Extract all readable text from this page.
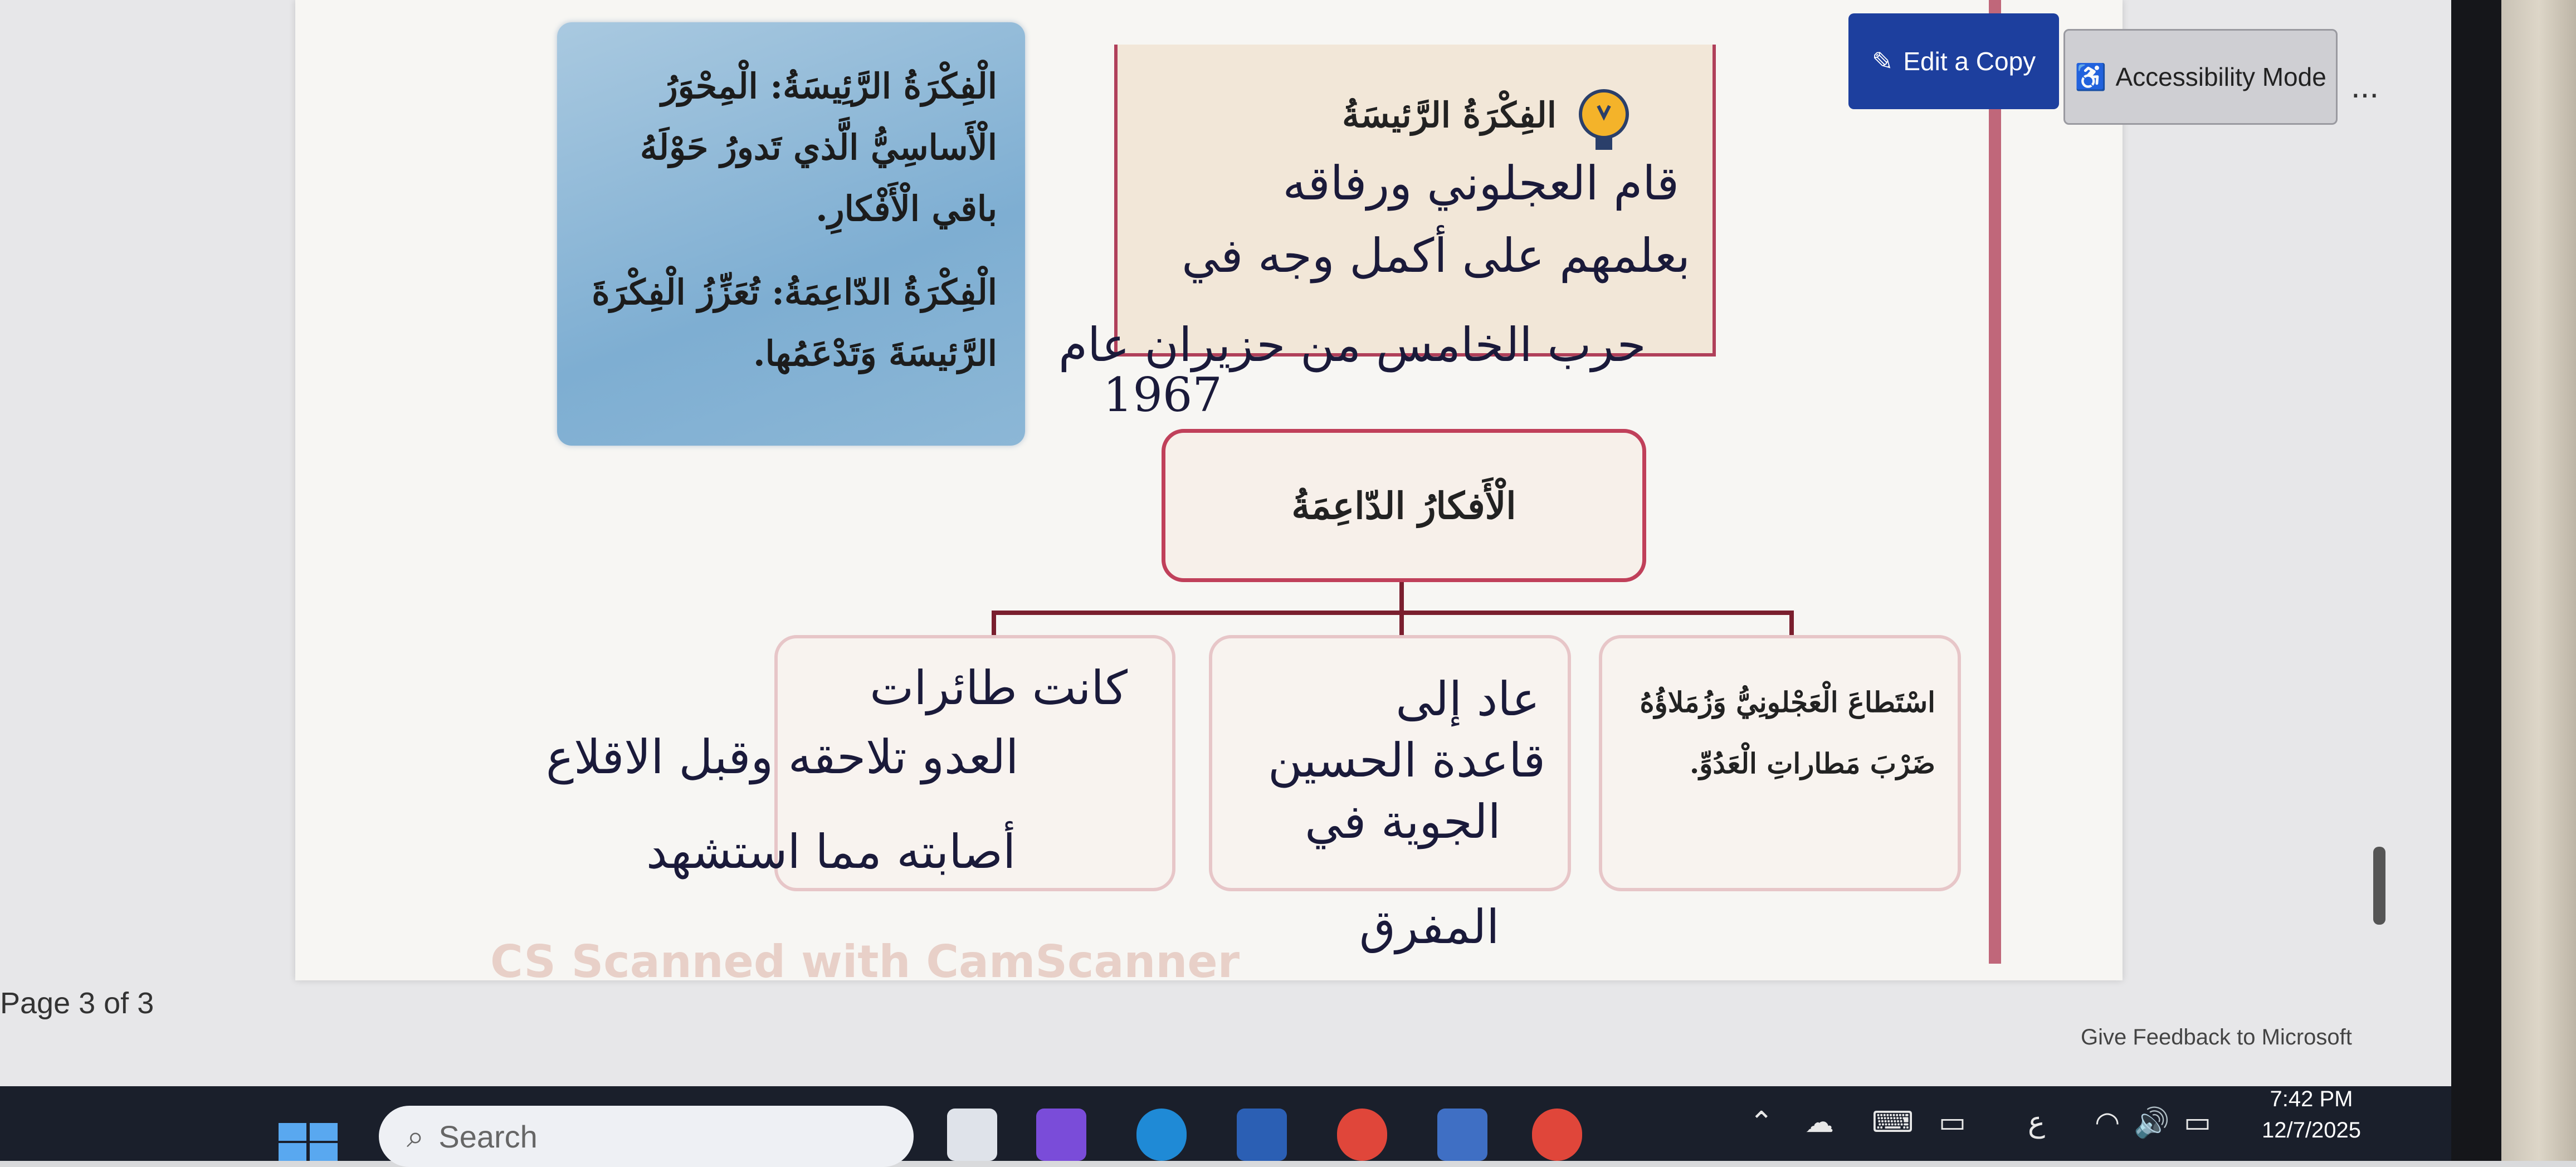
الْفِكْرَةُ الرَّئِيسَةُ: الْمِحْوَرُ الْأَساسِيُّ الَّذي تَدورُ حَوْلَهُ باقي الْأَفْكارِ.

الْفِكْرَةُ الدّاعِمَةُ: تُعَزِّزُ الْفِكْرَةَ الرَّئيسَةَ وَتَدْعَمُها.

الفِكْرَةُ الرَّئيسَةُ
قام العجلوني ورفاقه
بعلمهم على أكمل وجه في
حرب الخامس من حزيران عام
1967
الْأَفكارُ الدّاعِمَةُ
اسْتَطاعَ الْعَجْلونِيُّ وَزُمَلاؤُهُ ضَرْبَ مَطاراتِ الْعَدُوِّ.
عاد إلى
قاعدة الحسين
الجوية في
المفرق
كانت طائرات
العدو تلاحقه وقبل الاقلاع
أصابته مما استشهد
CS Scanned with CamScanner
✎ Edit a Copy
♿ Accessibility Mode ...
Page 3 of 3
Give Feedback to Microsoft
⌕ Search	⌃ ☁ ⌨ ▭ ع ◠ 🔊 ▭
7:42 PM
12/7/2025
